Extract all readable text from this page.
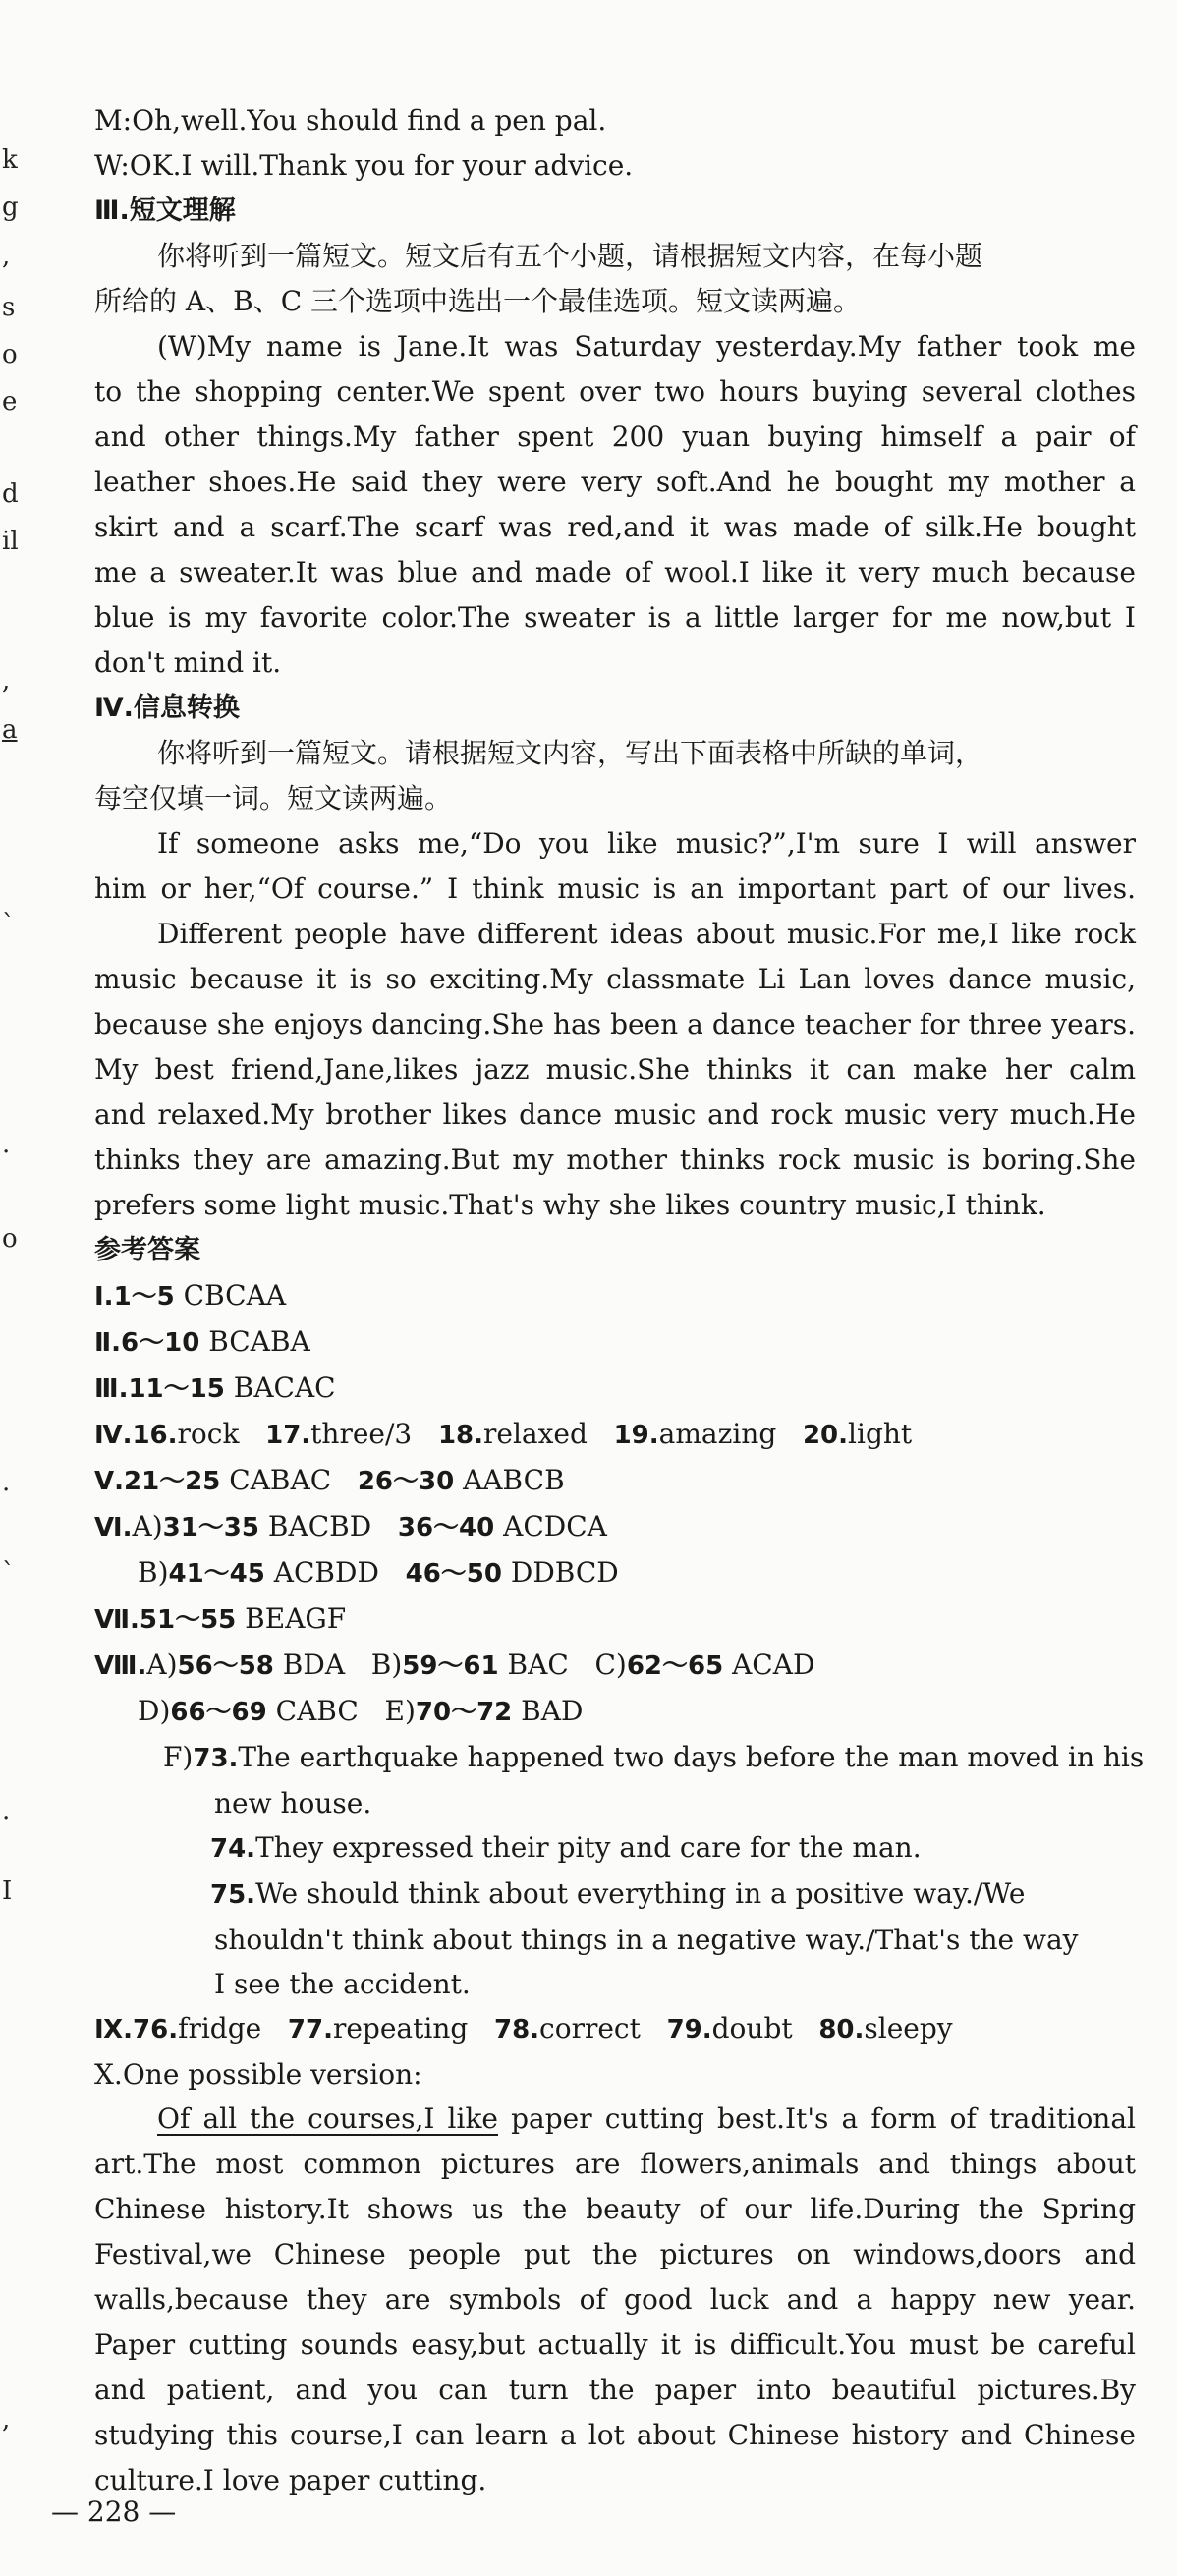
k
g
,
s
o
e
d
il
,
a
`
.
o
.
`
.
I
,
M:Oh,well.You should find a pen pal.
W:OK.I will.Thank you for your advice.
Ⅲ.短文理解
你将听到一篇短文。短文后有五个小题，请根据短文内容，在每小题
所给的 A、B、C 三个选项中选出一个最佳选项。短文读两遍。
(W)My name is Jane.It was Saturday yesterday.My father took me
to the shopping center.We spent over two hours buying several clothes
and other things.My father spent 200 yuan buying himself a pair of
leather shoes.He said they were very soft.And he bought my mother a
skirt and a scarf.The scarf was red,and it was made of silk.He bought
me a sweater.It was blue and made of wool.I like it very much because
blue is my favorite color.The sweater is a little larger for me now,but I
don't mind it.
Ⅳ.信息转换
你将听到一篇短文。请根据短文内容，写出下面表格中所缺的单词，
每空仅填一词。短文读两遍。
If someone asks me,“Do you like music?”,I'm sure I will answer
him or her,“Of course.” I think music is an important part of our lives.
Different people have different ideas about music.For me,I like rock
music because it is so exciting.My classmate Li Lan loves dance music,
because she enjoys dancing.She has been a dance teacher for three years.
My best friend,Jane,likes jazz music.She thinks it can make her calm
and relaxed.My brother likes dance music and rock music very much.He
thinks they are amazing.But my mother thinks rock music is boring.She
prefers some light music.That's why she likes country music,I think.
参考答案
Ⅰ.1～5 CBCAA
Ⅱ.6～10 BCABA
Ⅲ.11～15 BACAC
Ⅳ.16.rock 17.three/3 18.relaxed 19.amazing 20.light
Ⅴ.21～25 CABAC 26～30 AABCB
Ⅵ.A)31～35 BACBD 36～40 ACDCA
B)41～45 ACBDD 46～50 DDBCD
Ⅶ.51～55 BEAGF
Ⅷ.A)56～58 BDA B)59～61 BAC C)62～65 ACAD
D)66～69 CABC E)70～72 BAD
F)73.The earthquake happened two days before the man moved in his
new house.
74.They expressed their pity and care for the man.
75.We should think about everything in a positive way./We
shouldn't think about things in a negative way./That's the way
I see the accident.
Ⅸ.76.fridge 77.repeating 78.correct 79.doubt 80.sleepy
Ⅹ.One possible version:
Of all the courses,I like paper cutting best.It's a form of traditional
art.The most common pictures are flowers,animals and things about
Chinese history.It shows us the beauty of our life.During the Spring
Festival,we Chinese people put the pictures on windows,doors and
walls,because they are symbols of good luck and a happy new year.
Paper cutting sounds easy,but actually it is difficult.You must be careful
and patient, and you can turn the paper into beautiful pictures.By
studying this course,I can learn a lot about Chinese history and Chinese
culture.I love paper cutting.
— 228 —
